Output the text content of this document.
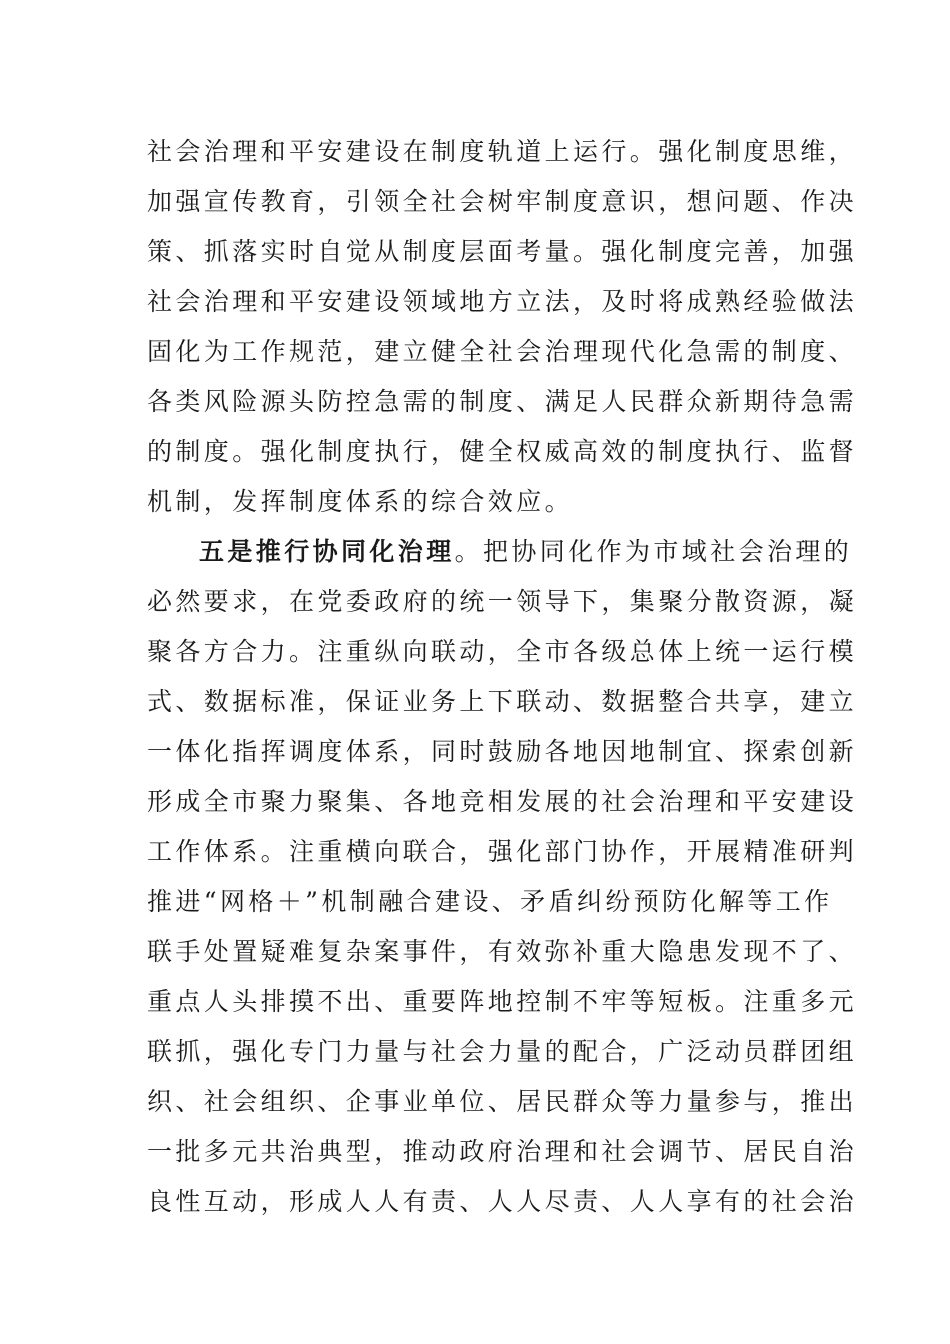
社会治理和平安建设在制度轨道上运行。强化制度思维，
加强宣传教育，引领全社会树牢制度意识，想问题、作决
策、抓落实时自觉从制度层面考量。强化制度完善，加强
社会治理和平安建设领域地方立法，及时将成熟经验做法
固化为工作规范，建立健全社会治理现代化急需的制度、
各类风险源头防控急需的制度、满足人民群众新期待急需
的制度。强化制度执行，健全权威高效的制度执行、监督
机制，发挥制度体系的综合效应。
五是推行协同化治理。把协同化作为市域社会治理的
必然要求，在党委政府的统一领导下，集聚分散资源，凝
聚各方合力。注重纵向联动，全市各级总体上统一运行模
式、数据标准，保证业务上下联动、数据整合共享，建立
一体化指挥调度体系，同时鼓励各地因地制宜、探索创新
形成全市聚力聚集、各地竞相发展的社会治理和平安建设
工作体系。注重横向联合，强化部门协作，开展精准研判
推进“网格＋”机制融合建设、矛盾纠纷预防化解等工作
联手处置疑难复杂案事件，有效弥补重大隐患发现不了、
重点人头排摸不出、重要阵地控制不牢等短板。注重多元
联抓，强化专门力量与社会力量的配合，广泛动员群团组
织、社会组织、企事业单位、居民群众等力量参与，推出
一批多元共治典型，推动政府治理和社会调节、居民自治
良性互动，形成人人有责、人人尽责、人人享有的社会治
